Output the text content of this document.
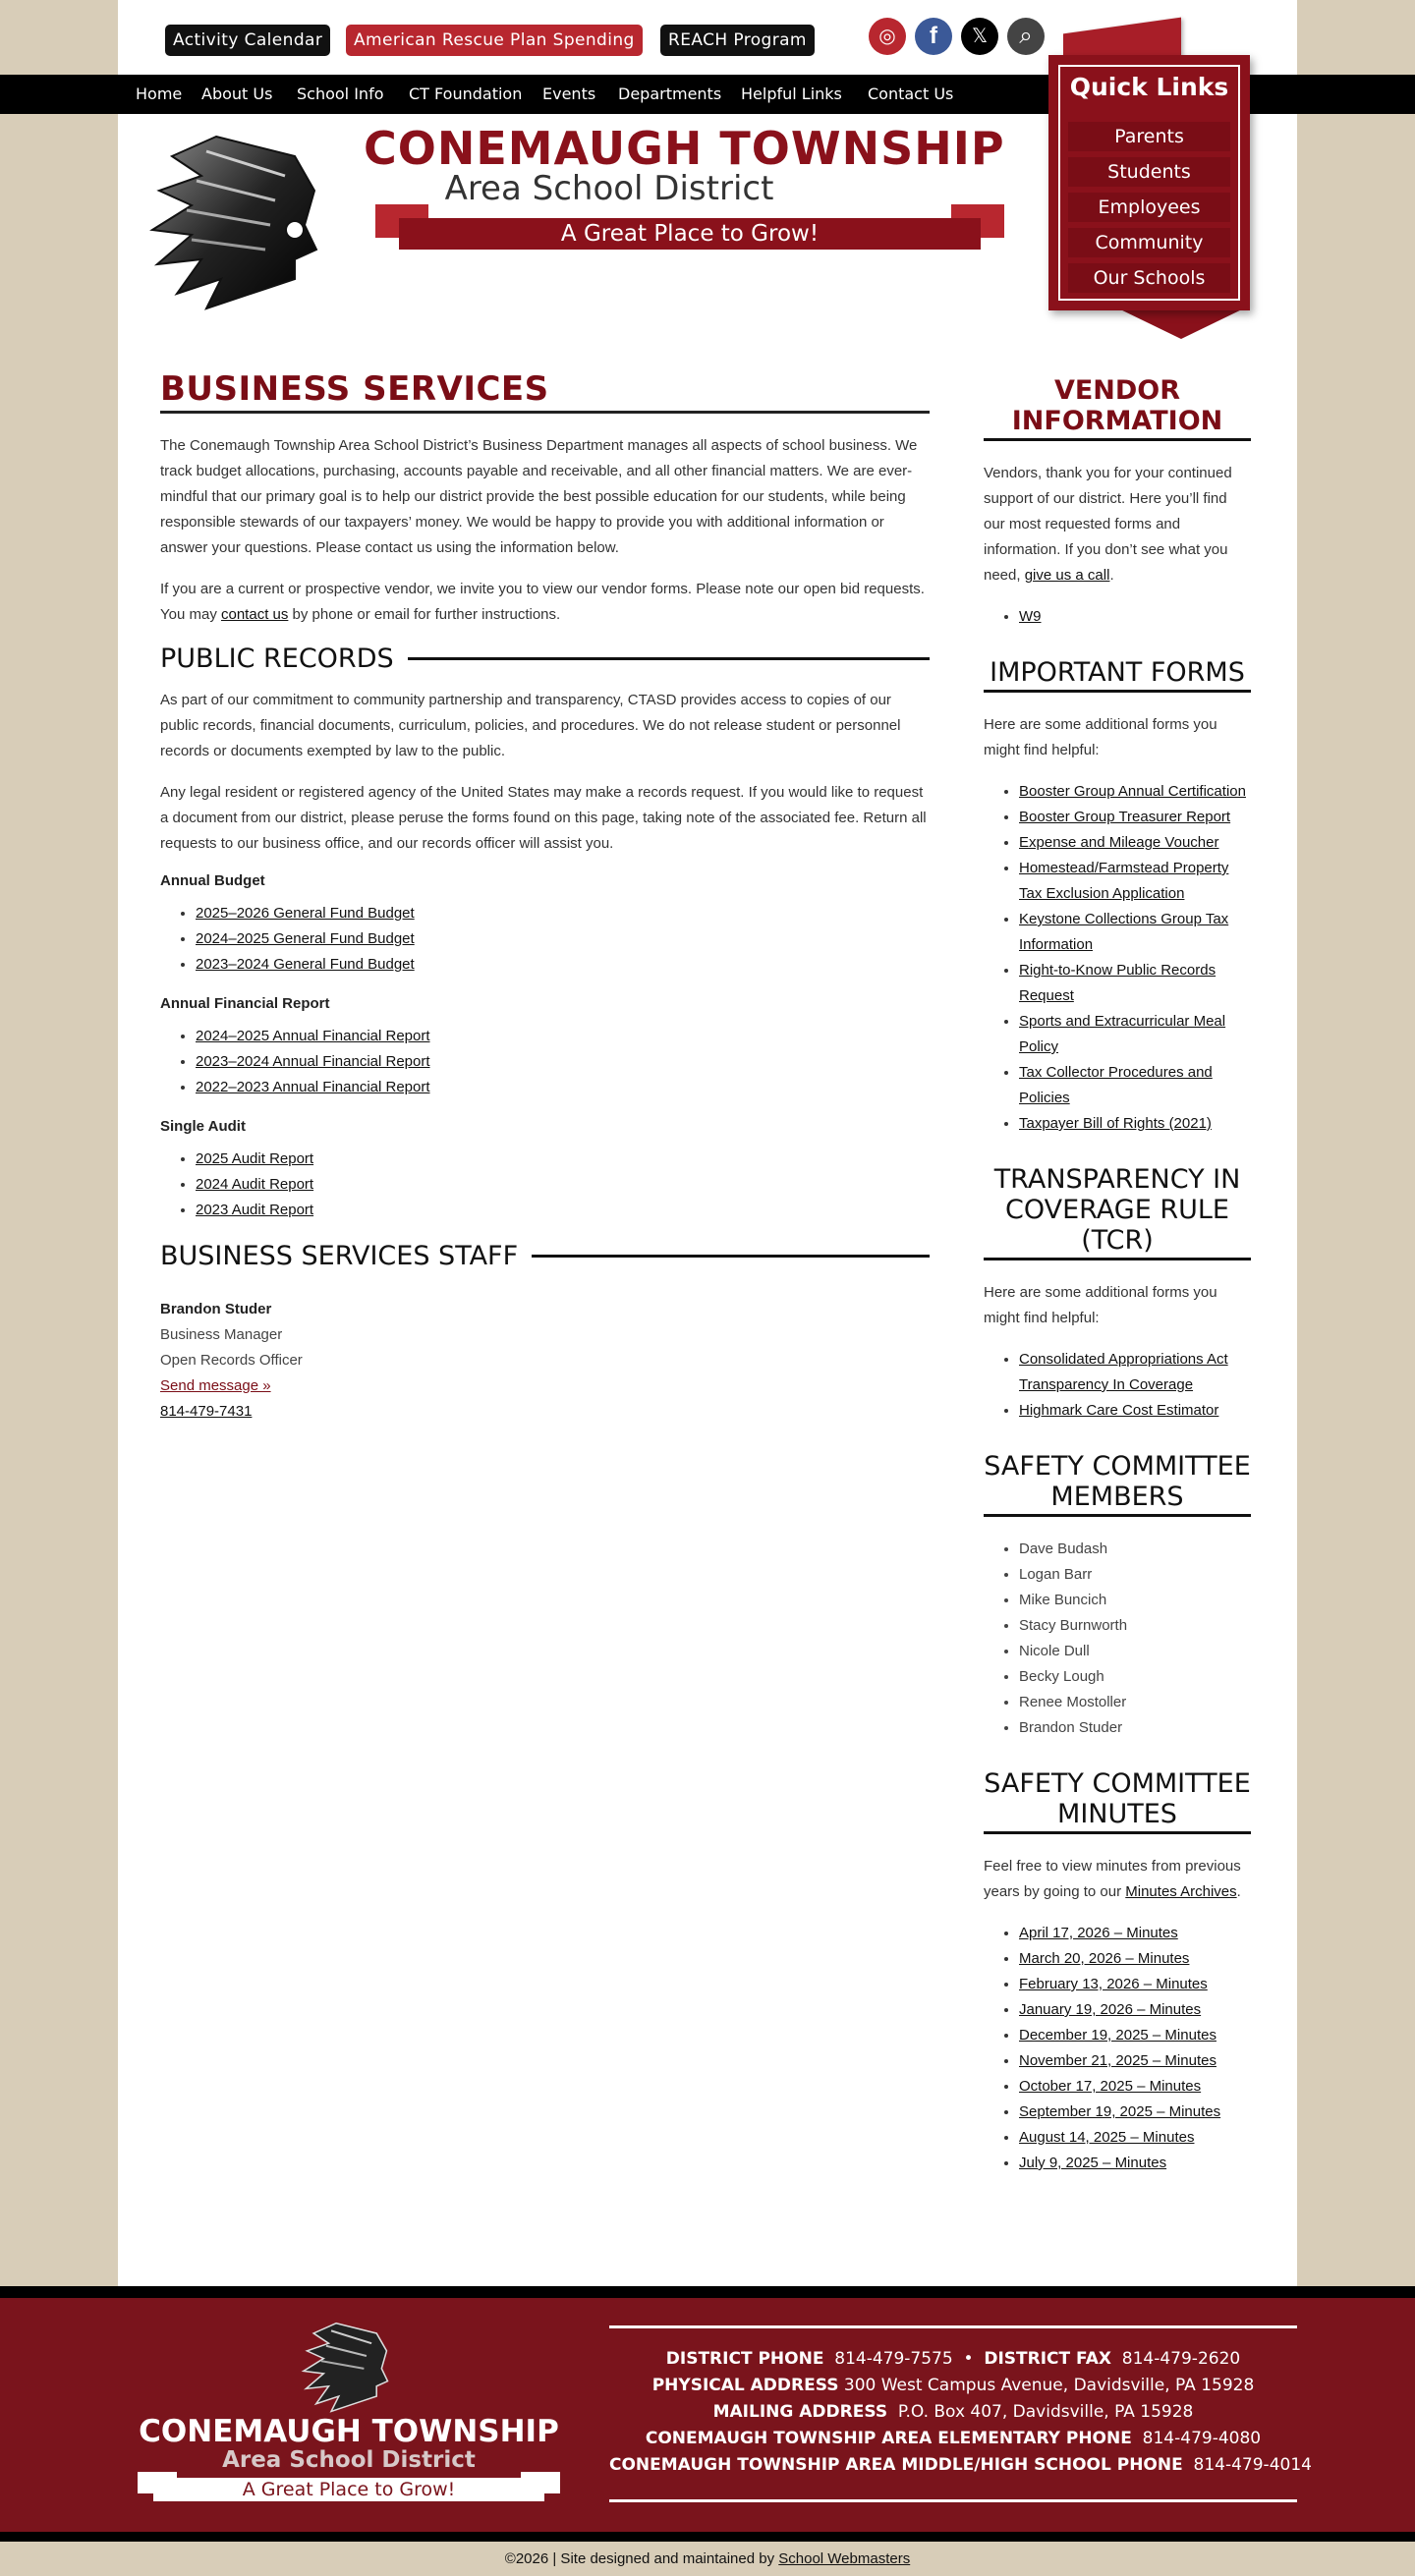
Activity Calendar	American Rescue Plan Spending	REACH Program	◎	f	𝕏	⌕
Home About Us School Info CT Foundation Events Departments Helpful Links Contact Us
CONEMAUGH TOWNSHIP
Area School District
A Great Place to Grow!
BUSINESS SERVICES

The Conemaugh Township Area School District’s Business Department manages all aspects of school business. We track budget allocations, purchasing, accounts payable and receivable, and all other financial matters. We are ever-mindful that our primary goal is to help our district provide the best possible education for our students, while being responsible stewards of our taxpayers’ money. We would be happy to provide you with additional information or answer your questions. Please contact us using the information below.

If you are a current or prospective vendor, we invite you to view our vendor forms. Please note our open bid requests. You may contact us by phone or email for further instructions.

PUBLIC RECORDS

As part of our commitment to community partnership and transparency, CTASD provides access to copies of our public records, financial documents, curriculum, policies, and procedures. We do not release student or personnel records or documents exempted by law to the public.

Any legal resident or registered agency of the United States may make a records request. If you would like to request a document from our district, please peruse the forms found on this page, taking note of the associated fee. Return all requests to our business office, and our records officer will assist you.

Annual Budget
• 2025–2026 General Fund Budget
• 2024–2025 General Fund Budget
• 2023–2024 General Fund Budget
Annual Financial Report
• 2024–2025 Annual Financial Report
• 2023–2024 Annual Financial Report
• 2022–2023 Annual Financial Report
Single Audit
• 2025 Audit Report
• 2024 Audit Report
• 2023 Audit Report
BUSINESS SERVICES STAFF
Brandon Studer
Business Manager
Open Records Officer
Send message »
814-479-7431
VENDOR INFORMATION

Vendors, thank you for your continued support of our district. Here you’ll find our most requested forms and information. If you don’t see what you need, give us a call.

• W9
IMPORTANT FORMS

Here are some additional forms you might find helpful:

• Booster Group Annual Certification
• Booster Group Treasurer Report
• Expense and Mileage Voucher
• Homestead/Farmstead Property Tax Exclusion Application
• Keystone Collections Group Tax Information
• Right-to-Know Public Records Request
• Sports and Extracurricular Meal Policy
• Tax Collector Procedures and Policies
• Taxpayer Bill of Rights (2021)
TRANSPARENCY IN COVERAGE RULE (TCR)

Here are some additional forms you might find helpful:

• Consolidated Appropriations Act Transparency In Coverage
• Highmark Care Cost Estimator
SAFETY COMMITTEE MEMBERS
• Dave Budash
• Logan Barr
• Mike Buncich
• Stacy Burnworth
• Nicole Dull
• Becky Lough
• Renee Mostoller
• Brandon Studer
SAFETY COMMITTEE MINUTES

Feel free to view minutes from previous years by going to our Minutes Archives.

• April 17, 2026 – Minutes
• March 20, 2026 – Minutes
• February 13, 2026 – Minutes
• January 19, 2026 – Minutes
• December 19, 2025 – Minutes
• November 21, 2025 – Minutes
• October 17, 2025 – Minutes
• September 19, 2025 – Minutes
• August 14, 2025 – Minutes
• July 9, 2025 – Minutes
Quick Links
Parents
Students
Employees
Community
Our Schools
CONEMAUGH TOWNSHIP
Area School District
A Great Place to Grow!
DISTRICT PHONE 814-479-7575  •  DISTRICT FAX 814-479-2620
PHYSICAL ADDRESS 300 West Campus Avenue, Davidsville, PA 15928
MAILING ADDRESS P.O. Box 407, Davidsville, PA 15928
CONEMAUGH TOWNSHIP AREA ELEMENTARY PHONE 814-479-4080
CONEMAUGH TOWNSHIP AREA MIDDLE/HIGH SCHOOL PHONE 814-479-4014
©2026 | Site designed and maintained by School Webmasters
